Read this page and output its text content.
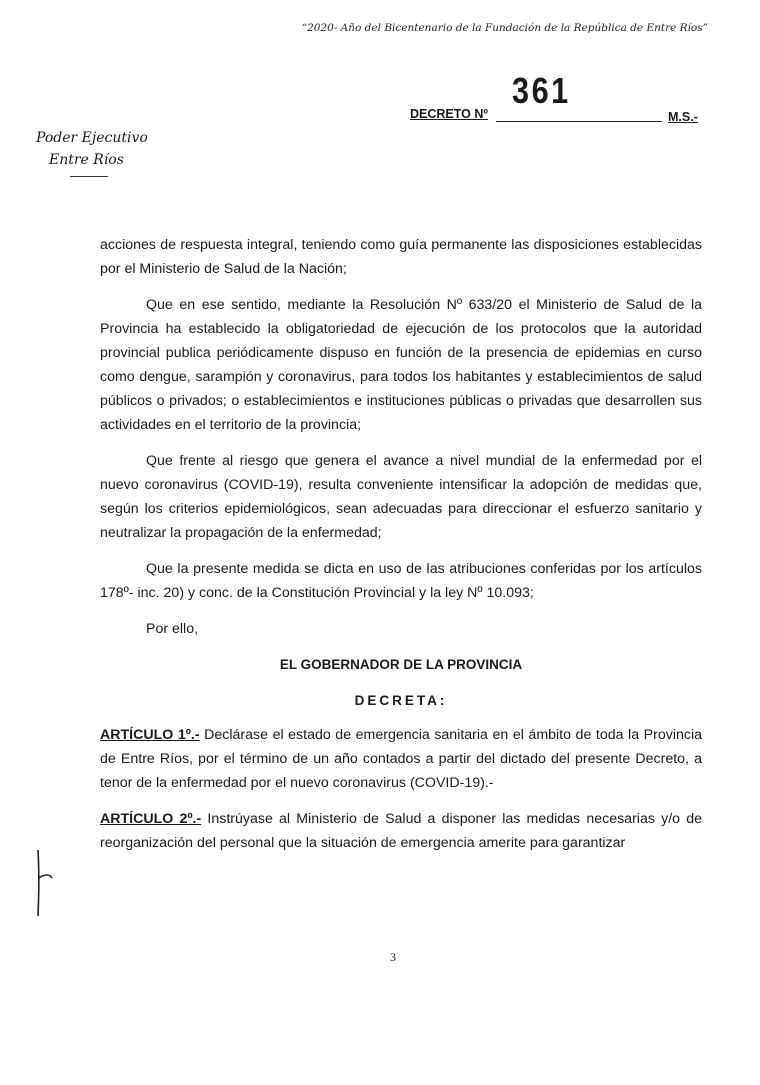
“2020- Año del Bicentenario de la Fundación de la República de Entre Ríos”
DECRETO Nº
361
M.S.-
Poder Ejecutivo
Entre Ríos

acciones de respuesta integral, teniendo como guía permanente las disposiciones establecidas por el Ministerio de Salud de la Nación;

Que en ese sentido, mediante la Resolución Nº 633/20 el Ministerio de Salud de la Provincia ha establecido la obligatoriedad de ejecución de los protocolos que la autoridad provincial publica periódicamente dispuso en función de la presencia de epidemias en curso como dengue, sarampión y coronavirus, para todos los habitantes y establecimientos de salud públicos o privados; o establecimientos e instituciones públicas o privadas que desarrollen sus actividades en el territorio de la provincia;

Que frente al riesgo que genera el avance a nivel mundial de la enfermedad por el nuevo coronavirus (COVID-19), resulta conveniente intensificar la adopción de medidas que, según los criterios epidemiológicos, sean adecuadas para direccionar el esfuerzo sanitario y neutralizar la propagación de la enfermedad;

Que la presente medida se dicta en uso de las atribuciones conferidas por los artículos 178º- inc. 20) y conc. de la Constitución Provincial y la ley Nº 10.093;

Por ello,

EL GOBERNADOR DE LA PROVINCIA

DECRETA:

ARTÍCULO 1º.- Declárase el estado de emergencia sanitaria en el ámbito de toda la Provincia de Entre Ríos, por el término de un año contados a partir del dictado del presente Decreto, a tenor de la enfermedad por el nuevo coronavirus (COVID-19).-

ARTÍCULO 2º.- Instrúyase al Ministerio de Salud a disponer las medidas necesarias y/o de reorganización del personal que la situación de emergencia amerite para garantizar

3
